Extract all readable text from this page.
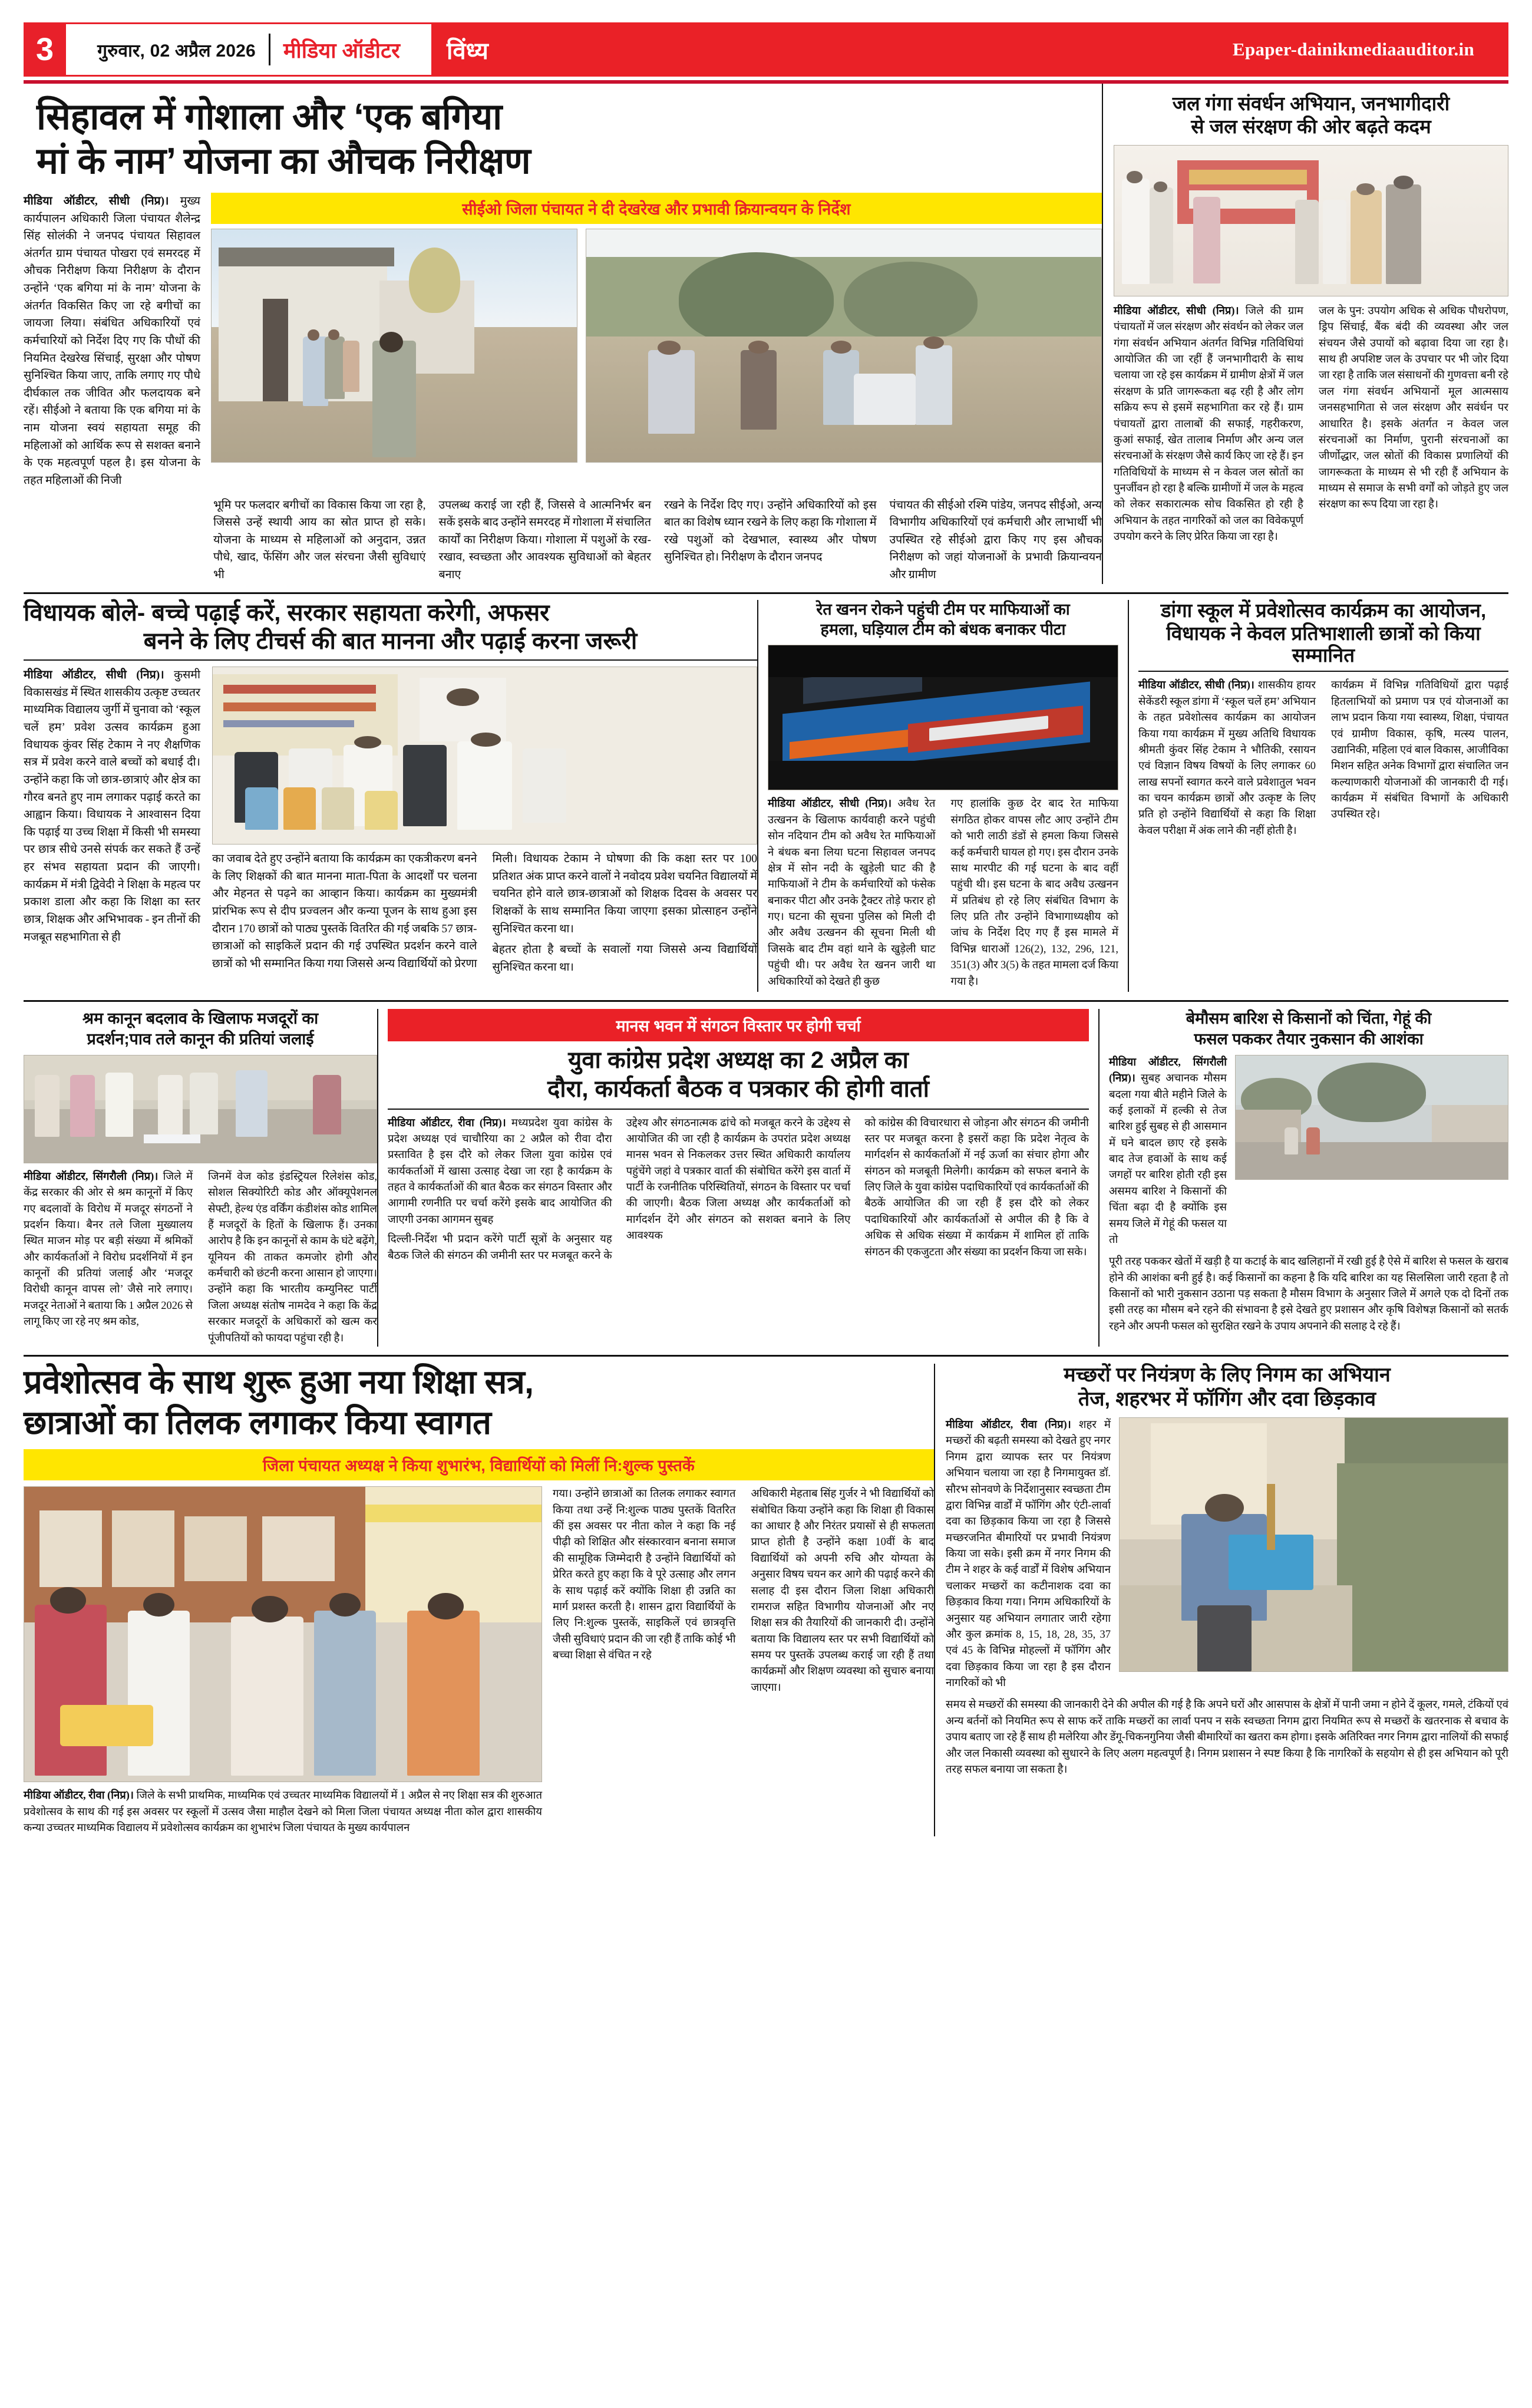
3	गुरुवार, 02 अप्रैल 2026 मीडिया ऑडीटर विंध्य	Epaper-dainikmediaauditor.in
सिहावल में गोशाला और ‘एक बगिया
मां के नाम’ योजना का औचक निरीक्षण

मीडिया ऑडीटर, सीधी (निप्र)। मुख्य कार्यपालन अधिकारी जिला पंचायत शैलेन्द्र सिंह सोलंकी ने जनपद पंचायत सिहावल अंतर्गत ग्राम पंचायत पोखरा एवं समरदह में औचक निरीक्षण किया निरीक्षण के दौरान उन्होंने ‘एक बगिया मां के नाम’ योजना के अंतर्गत विकसित किए जा रहे बगीचों का जायजा लिया। संबंधित अधिकारियों एवं कर्मचारियों को निर्देश दिए गए कि पौधों की नियमित देखरेख सिंचाई, सुरक्षा और पोषण सुनिश्चित किया जाए, ताकि लगाए गए पौधे दीर्घकाल तक जीवित और फलदायक बने रहें। सीईओ ने बताया कि एक बगिया मां के नाम योजना स्वयं सहायता समूह की महिलाओं को आर्थिक रूप से सशक्त बनाने के एक महत्वपूर्ण पहल है। इस योजना के तहत महिलाओं की निजी

सीईओ जिला पंचायत ने दी देखरेख और प्रभावी क्रियान्वयन के निर्देश

भूमि पर फलदार बगीचों का विकास किया जा रहा है, जिससे उन्हें स्थायी आय का स्रोत प्राप्त हो सके। योजना के माध्यम से महिलाओं को अनुदान, उन्नत पौधे, खाद, फेंसिंग और जल संरचना जैसी सुविधाएं भी

उपलब्ध कराई जा रही हैं, जिससे वे आत्मनिर्भर बन सकें इसके बाद उन्होंने समरदह में गोशाला में संचालित कार्यों का निरीक्षण किया। गोशाला में पशुओं के रख-रखाव, स्वच्छता और आवश्यक सुविधाओं को बेहतर बनाए

रखने के निर्देश दिए गए। उन्होंने अधिकारियों को इस बात का विशेष ध्यान रखने के लिए कहा कि गोशाला में रखे पशुओं को देखभाल, स्वास्थ्य और पोषण सुनिश्चित हो। निरीक्षण के दौरान जनपद

पंचायत की सीईओ रश्मि पांडेय, जनपद सीईओ, अन्य विभागीय अधिकारियों एवं कर्मचारी और लाभार्थी भी उपस्थित रहे सीईओ द्वारा किए गए इस औचक निरीक्षण को जहां योजनाओं के प्रभावी क्रियान्वयन और ग्रामीण

जल गंगा संवर्धन अभियान, जनभागीदारी
से जल संरक्षण की ओर बढ़ते कदम

मीडिया ऑडीटर, सीधी (निप्र)। जिले की ग्राम पंचायतों में जल संरक्षण और संवर्धन को लेकर जल गंगा संवर्धन अभियान अंतर्गत विभिन्न गतिविधियां आयोजित की जा रहीं हैं जनभागीदारी के साथ चलाया जा रहे इस कार्यक्रम में ग्रामीण क्षेत्रों में जल संरक्षण के प्रति जागरूकता बढ़ रही है और लोग सक्रिय रूप से इसमें सहभागिता कर रहे हैं। ग्राम पंचायतों द्वारा तालाबों की सफाई, गहरीकरण, कुआं सफाई, खेत तालाब निर्माण और अन्य जल संरचनाओं के संरक्षण जैसे कार्य किए जा रहे हैं। इन गतिविधियों के माध्यम से न केवल जल स्रोतों का पुनर्जीवन हो रहा है बल्कि ग्रामीणों में जल के महत्व को लेकर सकारात्मक सोच विकसित हो रही है अभियान के तहत नागरिकों को जल का विवेकपूर्ण उपयोग करने के लिए प्रेरित किया जा रहा है।

जल के पुन: उपयोग अधिक से अधिक पौधरोपण, ड्रिप सिंचाई, बैंक बंदी की व्यवस्था और जल संचयन जैसे उपायों को बढ़ावा दिया जा रहा है। साथ ही अपशिष्ट जल के उपचार पर भी जोर दिया जा रहा है ताकि जल संसाधनों की गुणवत्ता बनी रहे जल गंगा संवर्धन अभियानों मूल आत्मसाय जनसहभागिता से जल संरक्षण और सवंर्धन पर आधारित है। इसके अंतर्गत न केवल जल संरचनाओं का निर्माण, पुरानी संरचनाओं का जीर्णोद्धार, जल स्रोतों की विकास प्रणालियों की जागरूकता के माध्यम से भी रही हैं अभियान के माध्यम से समाज के सभी वर्गों को जोड़ते हुए जल संरक्षण का रूप दिया जा रहा है।

विधायक बोले- बच्चे पढ़ाई करें, सरकार सहायता करेगी, अफसर
बनने के लिए टीचर्स की बात मानना और पढ़ाई करना जरूरी

मीडिया ऑडीटर, सीधी (निप्र)। कुसमी विकासखंड में स्थित शासकीय उत्कृष्ट उच्चतर माध्यमिक विद्यालय जुर्गी में चुनावा को ‘स्कूल चलें हम’ प्रवेश उत्सव कार्यक्रम हुआ विधायक कुंवर सिंह टेकाम ने नए शैक्षणिक सत्र में प्रवेश करने वाले बच्चों को बधाई दी। उन्होंने कहा कि जो छात्र-छात्राएं और क्षेत्र का गौरव बनते हुए नाम लगाकर पढ़ाई करते का आह्वान किया। विधायक ने आश्वासन दिया कि पढ़ाई या उच्च शिक्षा में किसी भी समस्या पर छात्र सीधे उनसे संपर्क कर सकते हैं उन्हें हर संभव सहायता प्रदान की जाएगी। कार्यक्रम में मंत्री द्विवेदी ने शिक्षा के महत्व पर प्रकाश डाला और कहा कि शिक्षा का स्तर छात्र, शिक्षक और अभिभावक - इन तीनों की मजबूत सहभागिता से ही

का जवाब देते हुए उन्होंने बताया कि कार्यक्रम का एकत्रीकरण बनने के लिए शिक्षकों की बात मानना माता-पिता के आदर्शों पर चलना और मेहनत से पढ़ने का आव्हान किया। कार्यक्रम का मुख्यमंत्री प्रांरभिक रूप से दीप प्रज्वलन और कन्या पूजन के साथ हुआ इस दौरान 170 छात्रों को पाठ्य पुस्तकें वितरित की गई जबकि 57 छात्र-छात्राओं को साइकिलें प्रदान की गई उपस्थित प्रदर्शन करने वाले छात्रों को भी सम्मानित किया गया जिससे अन्य विद्यार्थियों को प्रेरणा मिली। विधायक टेकाम ने घोषणा की कि कक्षा स्तर पर 100 प्रतिशत अंक प्राप्त करने वालों ने नवोदय प्रवेश चयनित विद्यालयों में चयनित होने वाले छात्र-छात्राओं को शिक्षक दिवस के अवसर पर शिक्षकों के साथ सम्मानित किया जाएगा इसका प्रोत्साहन उन्होंने सुनिश्चित करना था।

बेहतर होता है बच्चों के सवालों गया जिससे अन्य विद्यार्थियों सुनिश्चित करना था।

रेत खनन रोकने पहुंची टीम पर माफियाओं का
हमला, घड़ियाल टीम को बंधक बनाकर पीटा

मीडिया ऑडीटर, सीधी (निप्र)। अवैध रेत उत्खनन के खिलाफ कार्यवाही करने पहुंची सोन नदियान टीम को अवैध रेत माफियाओं ने बंधक बना लिया घटना सिहावल जनपद क्षेत्र में सोन नदी के खुड़ेली घाट की है माफियाओं ने टीम के कर्मचारियों को फंसेक बनाकर पीटा और उनके ट्रैक्टर तोड़े फरार हो गए। घटना की सूचना पुलिस को मिली दी और अवैध उत्खनन की सूचना मिली थी जिसके बाद टीम वहां थाने के खुड़ेली घाट पहुंची थी। पर अवैध रेत खनन जारी था अधिकारियों को देखते ही कुछ

गए हालांकि कुछ देर बाद रेत माफिया संगठित होकर वापस लौट आए उन्होंने टीम को भारी लाठी डंडों से हमला किया जिससे कई कर्मचारी घायल हो गए। इस दौरान उनके साथ मारपीट की गई घटना के बाद वहीं पहुंची थी। इस घटना के बाद अवैध उत्खनन में प्रतिबंध हो रहे लिए संबंधित विभाग के लिए प्रति तौर उन्होंने विभागाध्यक्षीय को जांच के निर्देश दिए गए हैं इस मामले में विभिन्न धाराओं 126(2), 132, 296, 121, 351(3) और 3(5) के तहत मामला दर्ज किया गया है।

डांगा स्कूल में प्रवेशोत्सव कार्यक्रम का आयोजन,
विधायक ने केवल प्रतिभाशाली छात्रों को किया सम्मानित

मीडिया ऑडीटर, सीधी (निप्र)। शासकीय हायर सेकेंडरी स्कूल डांगा में ‘स्कूल चलें हम’ अभियान के तहत प्रवेशोत्सव कार्यक्रम का आयोजन किया गया कार्यक्रम में मुख्य अतिथि विधायक श्रीमती कुंवर सिंह टेकाम ने भौतिकी, रसायन एवं विज्ञान विषय विषयों के लिए लगाकर 60 लाख सपनों स्वागत करने वाले प्रवेशातुल भवन का चयन कार्यक्रम छात्रों और उत्कृष्ट के लिए प्रति हो उन्होंने विद्यार्थियों से कहा कि शिक्षा केवल परीक्षा में अंक लाने की नहीं होती है।

कार्यक्रम में विभिन्न गतिविधियों द्वारा पढ़ाई हितलाभियों को प्रमाण पत्र एवं योजनाओं का लाभ प्रदान किया गया स्वास्थ्य, शिक्षा, पंचायत एवं ग्रामीण विकास, कृषि, मत्स्य पालन, उद्यानिकी, महिला एवं बाल विकास, आजीविका मिशन सहित अनेक विभागों द्वारा संचालित जन कल्याणकारी योजनाओं की जानकारी दी गई। कार्यक्रम में संबंधित विभागों के अधिकारी उपस्थित रहे।

श्रम कानून बदलाव के खिलाफ मजदूरों का
प्रदर्शन;पाव तले कानून की प्रतियां जलाई

मीडिया ऑडीटर, सिंगरौली (निप्र)। जिले में केंद्र सरकार की ओर से श्रम कानूनों में किए गए बदलावों के विरोध में मजदूर संगठनों ने प्रदर्शन किया। बैनर तले जिला मुख्यालय स्थित माजन मोड़ पर बड़ी संख्या में श्रमिकों और कार्यकर्ताओं ने विरोध प्रदर्शनियों में इन कानूनों की प्रतियां जलाई और ‘मजदूर विरोधी कानून वापस लो’ जैसे नारे लगाए। मजदूर नेताओं ने बताया कि 1 अप्रैल 2026 से लागू किए जा रहे नए श्रम कोड,

जिनमें वेज कोड इंडस्ट्रियल रिलेशंस कोड, सोशल सिक्योरिटी कोड और ऑक्यूपेशनल सेफ्टी, हेल्थ एंड वर्किंग कंडीशंस कोड शामिल हैं मजदूरों के हितों के खिलाफ हैं। उनका आरोप है कि इन कानूनों से काम के घंटे बढ़ेंगे, यूनियन की ताकत कमजोर होगी और कर्मचारी को छंटनी करना आसान हो जाएगा। उन्होंने कहा कि भारतीय कम्युनिस्ट पार्टी जिला अध्यक्ष संतोष नामदेव ने कहा कि केंद्र सरकार मजदूरों के अधिकारों को खत्म कर पूंजीपतियों को फायदा पहुंचा रही है।

मानस भवन में संगठन विस्तार पर होगी चर्चा
युवा कांग्रेस प्रदेश अध्यक्ष का 2 अप्रैल का
दौरा, कार्यकर्ता बैठक व पत्रकार की होगी वार्ता

मीडिया ऑडीटर, रीवा (निप्र)। मध्यप्रदेश युवा कांग्रेस के प्रदेश अध्यक्ष एवं चाचौरिया का 2 अप्रैल को रीवा दौरा प्रस्तावित है इस दौरे को लेकर जिला युवा कांग्रेस एवं कार्यकर्ताओं में खासा उत्साह देखा जा रहा है कार्यक्रम के तहत वे कार्यकर्ताओं की बात बैठक कर संगठन विस्तार और आगामी रणनीति पर चर्चा करेंगे इसके बाद आयोजित की जाएगी उनका आगमन सुबह

दिल्ली-निर्देश भी प्रदान करेंगे पार्टी सूत्रों के अनुसार यह बैठक जिले की संगठन की जमीनी स्तर पर मजबूत करने के उद्देश्य और संगठनात्मक ढांचे को मजबूत करने के उद्देश्य से आयोजित की जा रही है कार्यक्रम के उपरांत प्रदेश अध्यक्ष मानस भवन से निकलकर उत्तर स्थित अधिकारी कार्यालय पहुंचेंगे जहां वे पत्रकार वार्ता की संबोधित करेंगे इस वार्ता में पार्टी के रजनीतिक परिस्थितियों, संगठन के विस्तार पर चर्चा की जाएगी। बैठक जिला अध्यक्ष और कार्यकर्ताओं को मार्गदर्शन देंगे और संगठन को सशक्त बनाने के लिए आवश्यक

को कांग्रेस की विचारधारा से जोड़ना और संगठन की जमीनी स्तर पर मजबूत करना है इसरों कहा कि प्रदेश नेतृत्व के मार्गदर्शन से कार्यकर्ताओं में नई ऊर्जा का संचार होगा और संगठन को मजबूती मिलेगी। कार्यक्रम को सफल बनाने के लिए जिले के युवा कांग्रेस पदाधिकारियों एवं कार्यकर्ताओं की बैठकें आयोजित की जा रही हैं इस दौरे को लेकर पदाधिकारियों और कार्यकर्ताओं से अपील की है कि वे अधिक से अधिक संख्या में कार्यक्रम में शामिल हों ताकि संगठन की एकजुटता और संख्या का प्रदर्शन किया जा सके।

बेमौसम बारिश से किसानों को चिंता, गेहूं की
फसल पककर तैयार नुकसान की आशंका

मीडिया ऑडीटर, सिंगरौली (निप्र)। सुबह अचानक मौसम बदला गया बीते महीने जिले के कई इलाकों में हल्की से तेज बारिश हुई सुबह से ही आसमान में घने बादल छाए रहे इसके बाद तेज हवाओं के साथ कई जगहों पर बारिश होती रही इस असमय बारिश ने किसानों की चिंता बढ़ा दी है क्योंकि इस समय जिले में गेहूं की फसल या तो

पूरी तरह पककर खेतों में खड़ी है या कटाई के बाद खलिहानों में रखी हुई है ऐसे में बारिश से फसल के खराब होने की आशंका बनी हुई है। कई किसानों का कहना है कि यदि बारिश का यह सिलसिला जारी रहता है तो किसानों को भारी नुकसान उठाना पड़ सकता है मौसम विभाग के अनुसार जिले में अगले एक दो दिनों तक इसी तरह का मौसम बने रहने की संभावना है इसे देखते हुए प्रशासन और कृषि विशेषज्ञ किसानों को सतर्क रहने और अपनी फसल को सुरक्षित रखने के उपाय अपनाने की सलाह दे रहे हैं।

प्रवेशोत्सव के साथ शुरू हुआ नया शिक्षा सत्र,
छात्राओं का तिलक लगाकर किया स्वागत
जिला पंचायत अध्यक्ष ने किया शुभारंभ, विद्यार्थियों को मिलीं नि:शुल्क पुस्तकें

मीडिया ऑडीटर, रीवा (निप्र)। जिले के सभी प्राथमिक, माध्यमिक एवं उच्चतर माध्यमिक विद्यालयों में 1 अप्रैल से नए शिक्षा सत्र की शुरुआत प्रवेशोत्सव के साथ की गई इस अवसर पर स्कूलों में उत्सव जैसा माहौल देखने को मिला जिला पंचायत अध्यक्ष नीता कोल द्वारा शासकीय कन्या उच्चतर माध्यमिक विद्यालय में प्रवेशोत्सव कार्यक्रम का शुभारंभ जिला पंचायत के मुख्य कार्यपालन

गया। उन्होंने छात्राओं का तिलक लगाकर स्वागत किया तथा उन्हें नि:शुल्क पाठ्य पुस्तकें वितरित कीं इस अवसर पर नीता कोल ने कहा कि नई पीढ़ी को शिक्षित और संस्कारवान बनाना समाज की सामूहिक जिम्मेदारी है उन्होंने विद्यार्थियों को प्रेरित करते हुए कहा कि वे पूरे उत्साह और लगन के साथ पढ़ाई करें क्योंकि शिक्षा ही उन्नति का मार्ग प्रशस्त करती है। शासन द्वारा विद्यार्थियों के लिए नि:शुल्क पुस्तकें, साइकिलें एवं छात्रवृत्ति जैसी सुविधाएं प्रदान की जा रही हैं ताकि कोई भी बच्चा शिक्षा से वंचित न रहे

अधिकारी मेहताब सिंह गुर्जर ने भी विद्यार्थियों को संबोधित किया उन्होंने कहा कि शिक्षा ही विकास का आधार है और निरंतर प्रयासों से ही सफलता प्राप्त होती है उन्होंने कक्षा 10वीं के बाद विद्यार्थियों को अपनी रुचि और योग्यता के अनुसार विषय चयन कर आगे की पढ़ाई करने की सलाह दी इस दौरान जिला शिक्षा अधिकारी रामराज सहित विभागीय योजनाओं और नए शिक्षा सत्र की तैयारियों की जानकारी दी। उन्होंने बताया कि विद्यालय स्तर पर सभी विद्यार्थियों को समय पर पुस्तकें उपलब्ध कराई जा रही हैं तथा कार्यक्रमों और शिक्षण व्यवस्था को सुचारु बनाया जाएगा।

मच्छरों पर नियंत्रण के लिए निगम का अभियान
तेज, शहरभर में फॉगिंग और दवा छिड़काव

मीडिया ऑडीटर, रीवा (निप्र)। शहर में मच्छरों की बढ़ती समस्या को देखते हुए नगर निगम द्वारा व्यापक स्तर पर नियंत्रण अभियान चलाया जा रहा है निगमायुक्त डॉ. सौरभ सोनवणे के निर्देशानुसार स्वच्छता टीम द्वारा विभिन्न वार्डों में फॉगिंग और एंटी-लार्वा दवा का छिड़काव किया जा रहा है जिससे मच्छरजनित बीमारियों पर प्रभावी नियंत्रण किया जा सके। इसी क्रम में नगर निगम की टीम ने शहर के कई वार्डों में विशेष अभियान चलाकर मच्छरों का कटीनाशक दवा का छिड़काव किया गया। निगम अधिकारियों के अनुसार यह अभियान लगातार जारी रहेगा और कुल क्रमांक 8, 15, 18, 28, 35, 37 एवं 45 के विभिन्न मोहल्लों में फॉगिंग और दवा छिड़काव किया जा रहा है इस दौरान नागरिकों को भी

समय से मच्छरों की समस्या की जानकारी देने की अपील की गई है कि अपने घरों और आसपास के क्षेत्रों में पानी जमा न होने दें कूलर, गमले, टंकियों एवं अन्य बर्तनों को नियमित रूप से साफ करें ताकि मच्छरों का लार्वा पनप न सके स्वच्छता निगम द्वारा नियमित रूप से मच्छरों के खतरनाक से बचाव के उपाय बताए जा रहे हैं साथ ही मलेरिया और डेंगू-चिकनगुनिया जैसी बीमारियों का खतरा कम होगा। इसके अतिरिक्त नगर निगम द्वारा नालियों की सफाई और जल निकासी व्यवस्था को सुधारने के लिए अलग महत्वपूर्ण है। निगम प्रशासन ने स्पष्ट किया है कि नागरिकों के सहयोग से ही इस अभियान को पूरी तरह सफल बनाया जा सकता है।
